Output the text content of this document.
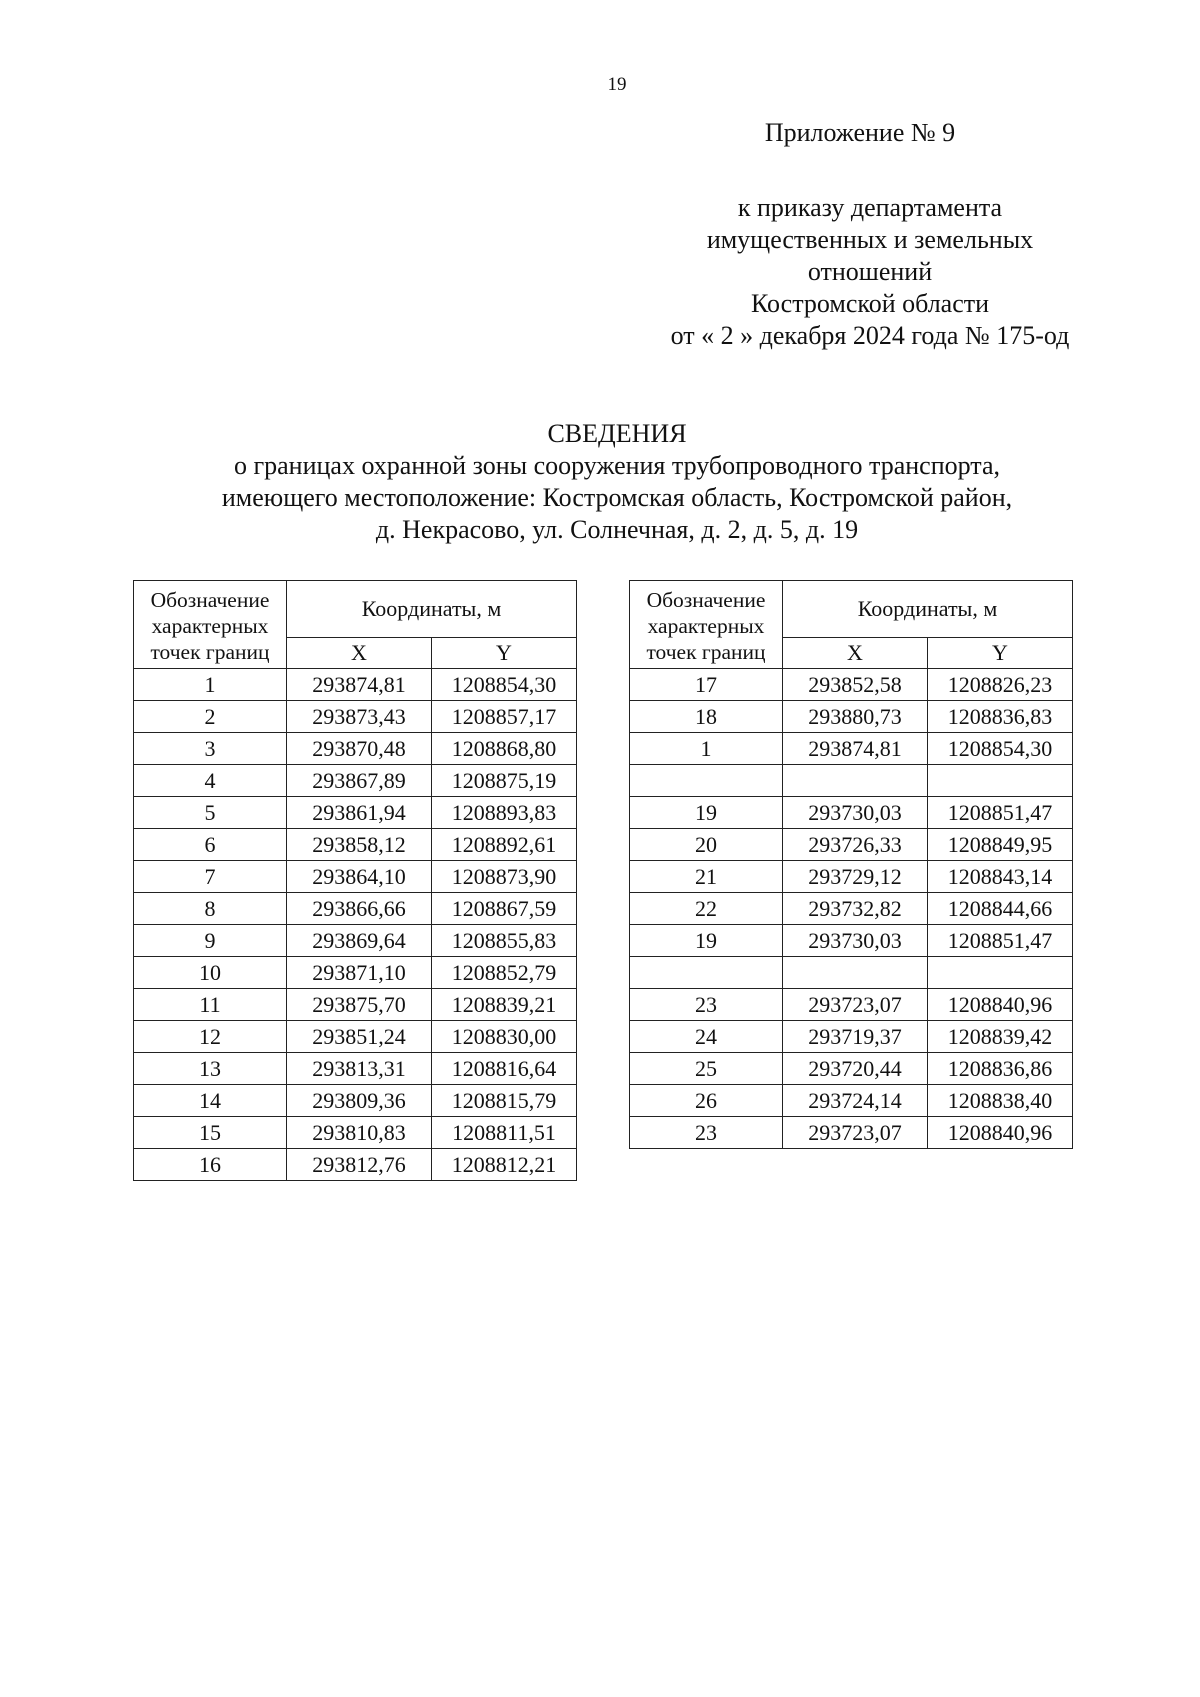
19
Приложение № 9
к приказу департамента
имущественных и земельных
отношений
Костромской области
от « 2 » декабря 2024 года № 175-од
СВЕДЕНИЯ
о границах охранной зоны сооружения трубопроводного транспорта,
имеющего местоположение: Костромская область, Костромской район,
д. Некрасово, ул. Солнечная, д. 2, д. 5, д. 19
Обозначение
характерных
точек границ	Координаты, м	
	X	Y
1	293874,81	1208854,30
2	293873,43	1208857,17
3	293870,48	1208868,80
4	293867,89	1208875,19
5	293861,94	1208893,83
6	293858,12	1208892,61
7	293864,10	1208873,90
8	293866,66	1208867,59
9	293869,64	1208855,83
10	293871,10	1208852,79
11	293875,70	1208839,21
12	293851,24	1208830,00
13	293813,31	1208816,64
14	293809,36	1208815,79
15	293810,83	1208811,51
16	293812,76	1208812,21
Обозначение
характерных
точек границ	Координаты, м	
	X	Y
17	293852,58	1208826,23
18	293880,73	1208836,83
1	293874,81	1208854,30

19	293730,03	1208851,47
20	293726,33	1208849,95
21	293729,12	1208843,14
22	293732,82	1208844,66
19	293730,03	1208851,47

23	293723,07	1208840,96
24	293719,37	1208839,42
25	293720,44	1208836,86
26	293724,14	1208838,40
23	293723,07	1208840,96
